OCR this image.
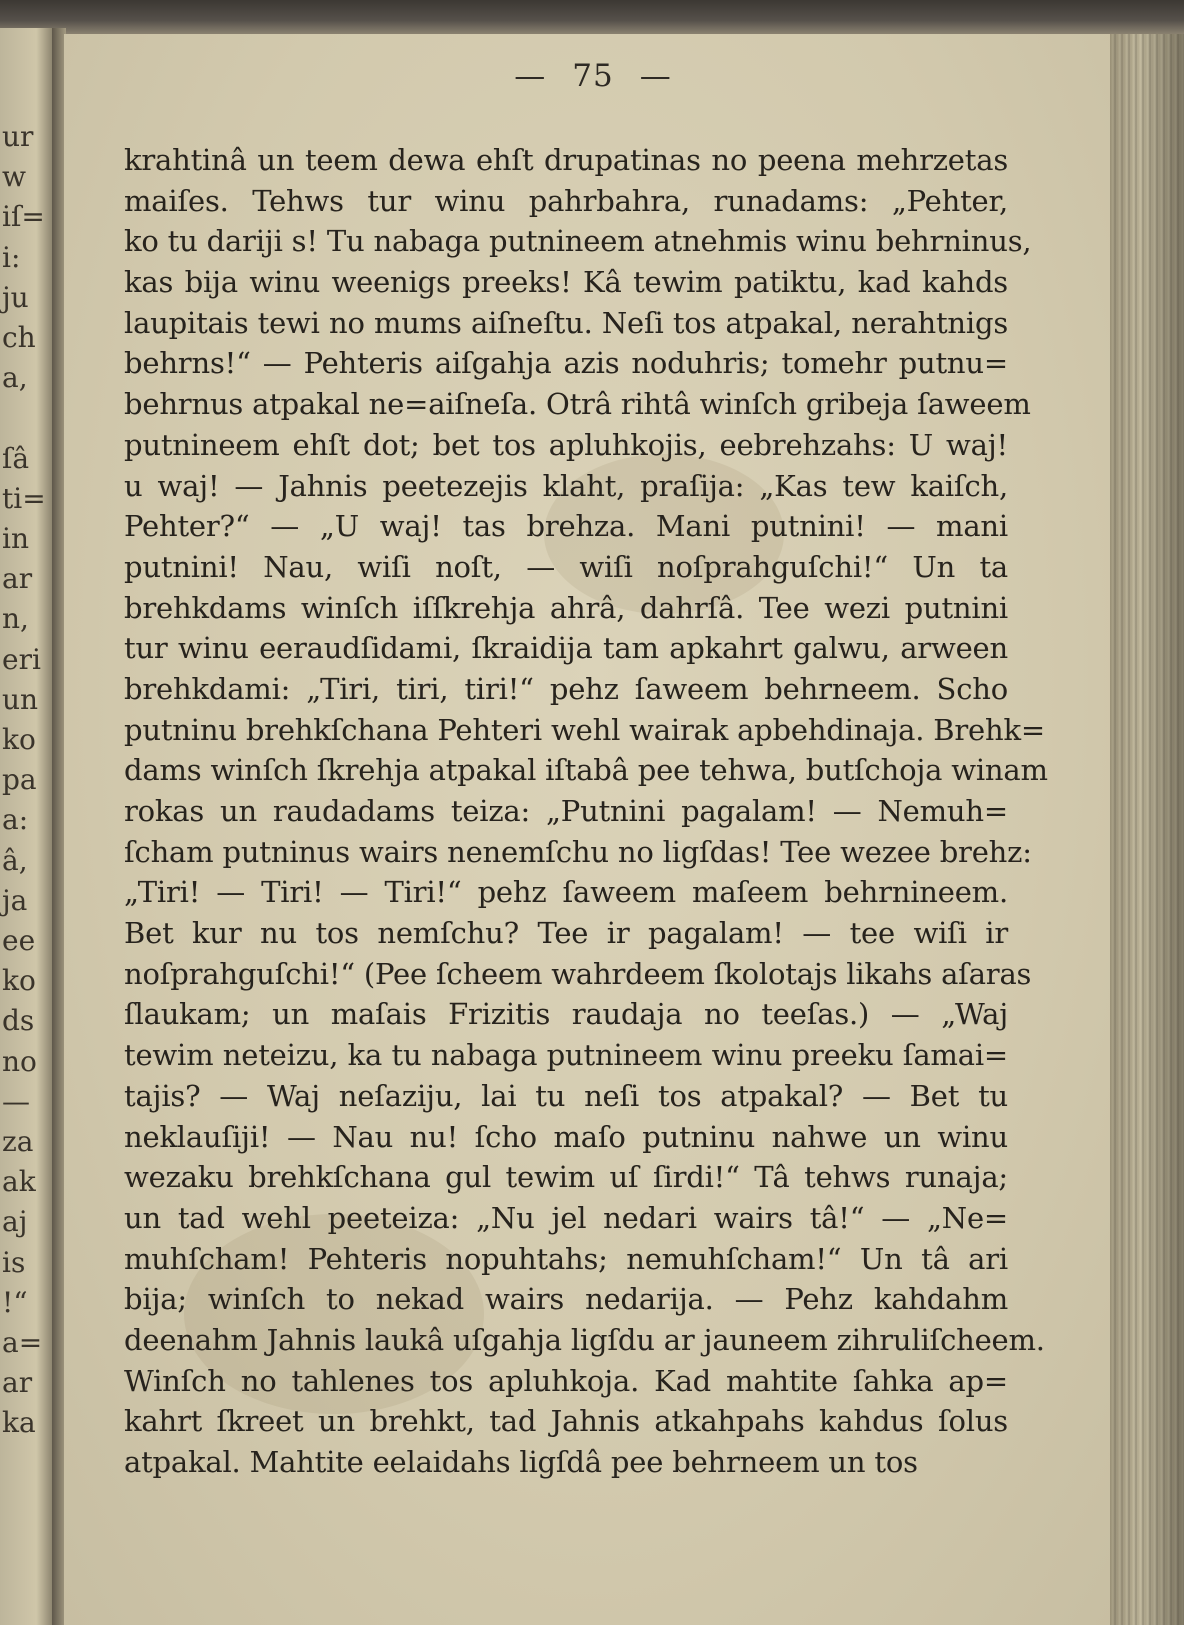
ur
w
iſ=
i:
ju
ch
a,
ſâ
ti=
in
ar
n,
eri
un
ko
pa
a:
â,
ja
ee
ko
ds
no
—
za
ak
aj
is
!“
a=
ar
ka
— 75 —
krahtinâ un teem dewa ehſt drupatinas no peena mehrzetas
maiſes. Tehws tur winu pahrbahra, runadams: „Pehter,
ko tu dariji s! Tu nabaga putnineem atnehmis winu behrninus,
kas bija winu weenigs preeks! Kâ tewim patiktu, kad kahds
laupitais tewi no mums aiſneſtu. Neſi tos atpakal, nerahtnigs
behrns!“ — Pehteris aiſgahja azis noduhris; tomehr putnu=
behrnus atpakal ne=aiſneſa. Otrâ rihtâ winſch gribeja ſaweem
putnineem ehſt dot; bet tos apluhkojis, eebrehzahs: U waj!
u waj! — Jahnis peetezejis klaht, praſija: „Kas tew kaiſch,
Pehter?“ — „U waj! tas brehza. Mani putnini! — mani
putnini! Nau, wiſi noſt, — wiſi noſprahguſchi!“ Un ta
brehkdams winſch iſſkrehja ahrâ, dahrſâ. Tee wezi putnini
tur winu eeraudſidami, ſkraidija tam apkahrt galwu, arween
brehkdami: „Tiri, tiri, tiri!“ pehz ſaweem behrneem. Scho
putninu brehkſchana Pehteri wehl wairak apbehdinaja. Brehk=
dams winſch ſkrehja atpakal iſtabâ pee tehwa, butſchoja winam
rokas un raudadams teiza: „Putnini pagalam! — Nemuh=
ſcham putninus wairs nenemſchu no ligſdas! Tee wezee brehz:
„Tiri! — Tiri! — Tiri!“ pehz ſaweem maſeem behrnineem.
Bet kur nu tos nemſchu? Tee ir pagalam! — tee wiſi ir
noſprahguſchi!“ (Pee ſcheem wahrdeem ſkolotajs likahs aſaras
ſlaukam; un maſais Frizitis raudaja no teeſas.) — „Waj
tewim neteizu, ka tu nabaga putnineem winu preeku ſamai=
tajis? — Waj neſaziju, lai tu neſi tos atpakal? — Bet tu
neklauſiji! — Nau nu! ſcho maſo putninu nahwe un winu
wezaku brehkſchana gul tewim uſ ſirdi!“ Tâ tehws runaja;
un tad wehl peeteiza: „Nu jel nedari wairs tâ!“ — „Ne=
muhſcham! Pehteris nopuhtahs; nemuhſcham!“ Un tâ ari
bija; winſch to nekad wairs nedarija. — Pehz kahdahm
deenahm Jahnis laukâ uſgahja ligſdu ar jauneem zihruliſcheem.
Winſch no tahlenes tos apluhkoja. Kad mahtite ſahka ap=
kahrt ſkreet un brehkt, tad Jahnis atkahpahs kahdus ſolus
atpakal. Mahtite eelaidahs ligſdâ pee behrneem un tos
